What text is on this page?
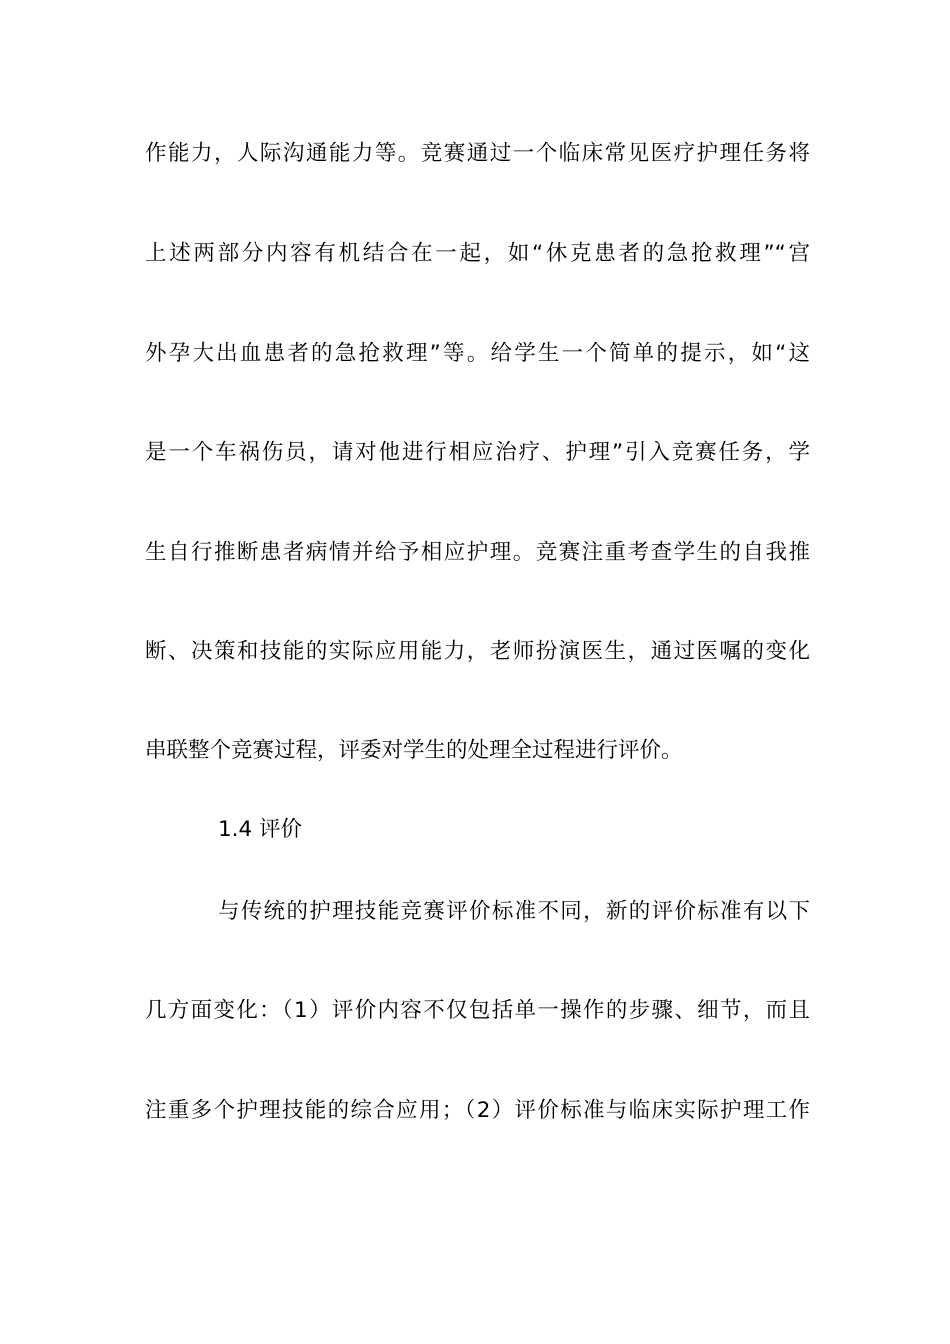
作能力，人际沟通能力等。竞赛通过一个临床常见医疗护理任务将
上述两部分内容有机结合在一起，如“休克患者的急抢救理”“宫
外孕大出血患者的急抢救理”等。给学生一个简单的提示，如“这
是一个车祸伤员，请对他进行相应治疗、护理”引入竞赛任务，学
生自行推断患者病情并给予相应护理。竞赛注重考查学生的自我推
断、决策和技能的实际应用能力，老师扮演医生，通过医嘱的变化
串联整个竞赛过程，评委对学生的处理全过程进行评价。
1.4 评价
与传统的护理技能竞赛评价标准不同，新的评价标准有以下
几方面变化：（1）评价内容不仅包括单一操作的步骤、细节，而且
注重多个护理技能的综合应用；（2）评价标准与临床实际护理工作
